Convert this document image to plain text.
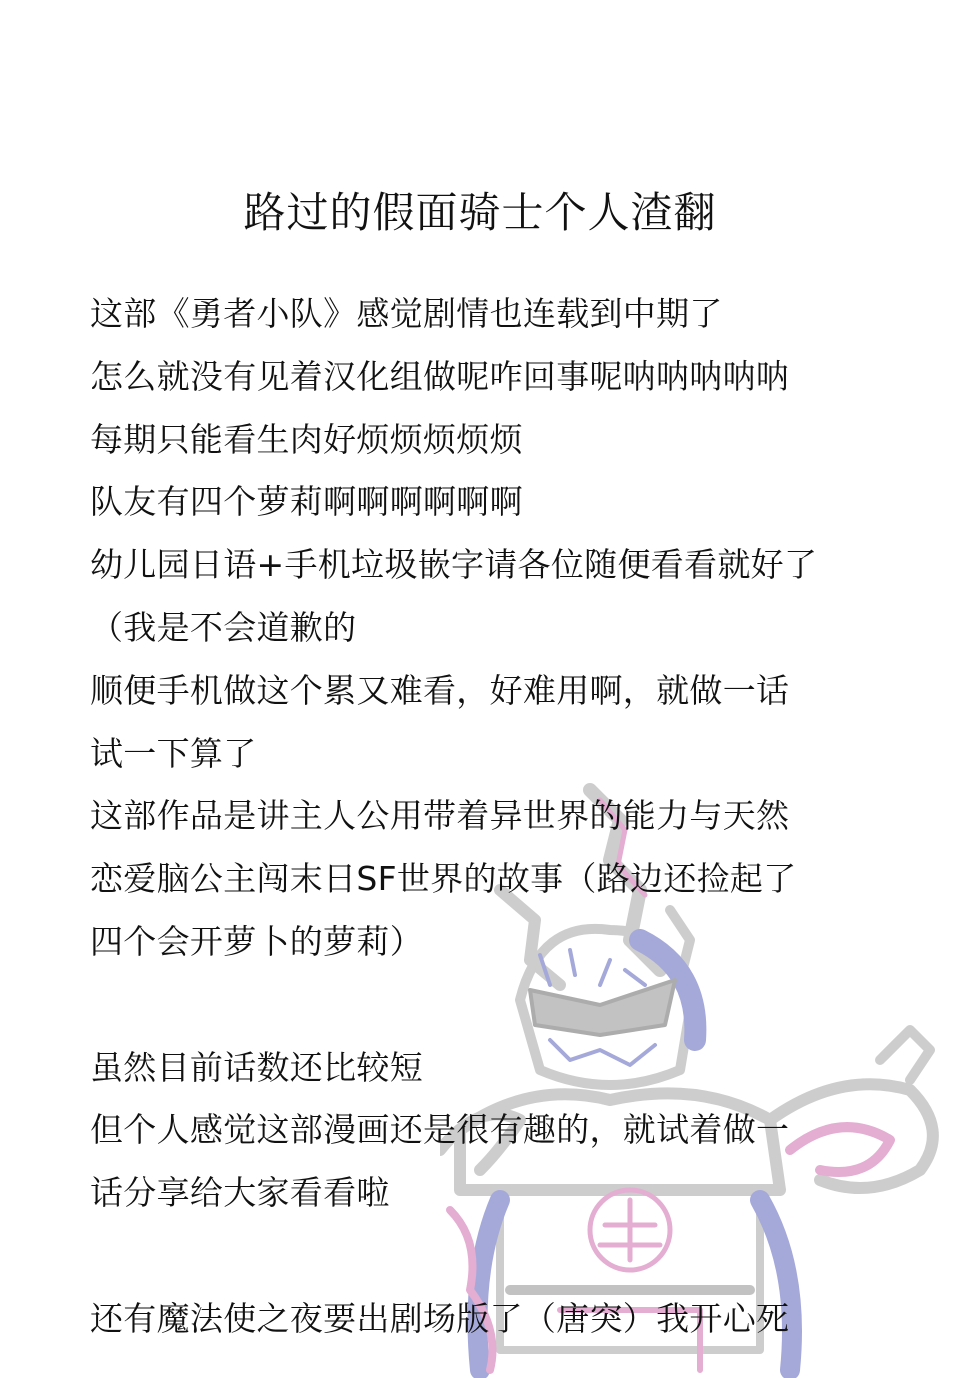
路过的假面骑士个人渣翻
这部《勇者小队》感觉剧情也连载到中期了
怎么就没有见着汉化组做呢咋回事呢呐呐呐呐呐
每期只能看生肉好烦烦烦烦烦
队友有四个萝莉啊啊啊啊啊啊
幼儿园日语+手机垃圾嵌字请各位随便看看就好了
（我是不会道歉的
顺便手机做这个累又难看，好难用啊，就做一话
试一下算了
这部作品是讲主人公用带着异世界的能力与天然
恋爱脑公主闯末日SF世界的故事（路边还捡起了
四个会开萝卜的萝莉）
虽然目前话数还比较短
但个人感觉这部漫画还是很有趣的，就试着做一
话分享给大家看看啦
还有魔法使之夜要出剧场版了（唐突）我开心死
